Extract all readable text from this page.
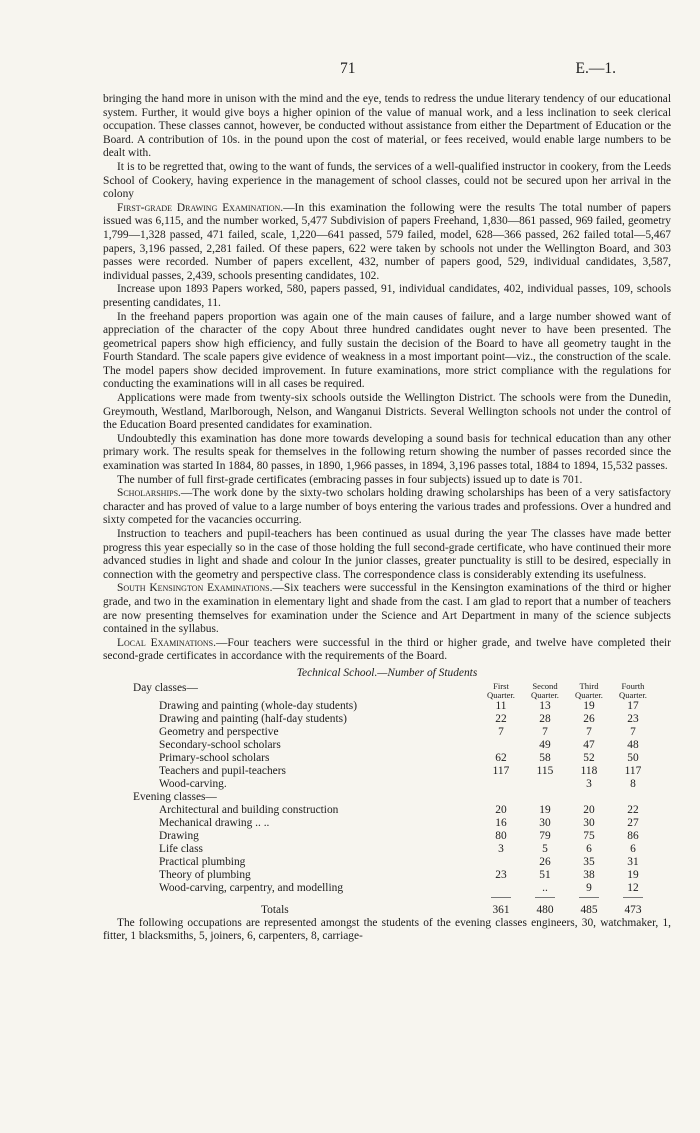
71	E.—1.

bringing the hand more in unison with the mind and the eye, tends to redress the undue literary tendency of our educational system. Further, it would give boys a higher opinion of the value of manual work, and a less inclination to seek clerical occupation. These classes cannot, however, be conducted without assistance from either the Department of Education or the Board. A contribution of 10s. in the pound upon the cost of material, or fees received, would enable large numbers to be dealt with.

It is to be regretted that, owing to the want of funds, the services of a well-qualified instructor in cookery, from the Leeds School of Cookery, having experience in the management of school classes, could not be secured upon her arrival in the colony

First-grade Drawing Examination.—In this examination the following were the results The total number of papers issued was 6,115, and the number worked, 5,477 Subdivision of papers Freehand, 1,830—861 passed, 969 failed, geometry 1,799—1,328 passed, 471 failed, scale, 1,220—641 passed, 579 failed, model, 628—366 passed, 262 failed total—5,467 papers, 3,196 passed, 2,281 failed. Of these papers, 622 were taken by schools not under the Wellington Board, and 303 passes were recorded. Number of papers excellent, 432, number of papers good, 529, individual candidates, 3,587, individual passes, 2,439, schools presenting candidates, 102.

Increase upon 1893 Papers worked, 580, papers passed, 91, individual candidates, 402, individual passes, 109, schools presenting candidates, 11.

In the freehand papers proportion was again one of the main causes of failure, and a large number showed want of appreciation of the character of the copy About three hundred candidates ought never to have been presented. The geometrical papers show high efficiency, and fully sustain the decision of the Board to have all geometry taught in the Fourth Standard. The scale papers give evidence of weakness in a most important point—viz., the construction of the scale. The model papers show decided improvement. In future examinations, more strict compliance with the regulations for conducting the examinations will in all cases be required.

Applications were made from twenty-six schools outside the Wellington District. The schools were from the Dunedin, Greymouth, Westland, Marlborough, Nelson, and Wanganui Districts. Several Wellington schools not under the control of the Education Board presented candidates for examination.

Undoubtedly this examination has done more towards developing a sound basis for technical education than any other primary work. The results speak for themselves in the following return showing the number of passes recorded since the examination was started In 1884, 80 passes, in 1890, 1,966 passes, in 1894, 3,196 passes total, 1884 to 1894, 15,532 passes.

The number of full first-grade certificates (embracing passes in four subjects) issued up to date is 701.

Scholarships.—The work done by the sixty-two scholars holding drawing scholarships has been of a very satisfactory character and has proved of value to a large number of boys entering the various trades and professions. Over a hundred and sixty competed for the vacancies occurring.

Instruction to teachers and pupil-teachers has been continued as usual during the year The classes have made better progress this year especially so in the case of those holding the full second-grade certificate, who have continued their more advanced studies in light and shade and colour In the junior classes, greater punctuality is still to be desired, especially in connection with the geometry and perspective class. The correspondence class is considerably extending its usefulness.

South Kensington Examinations.—Six teachers were successful in the Kensington examinations of the third or higher grade, and two in the examination in elementary light and shade from the cast. I am glad to report that a number of teachers are now presenting themselves for examination under the Science and Art Department in many of the science subjects contained in the syllabus.

Local Examinations.—Four teachers were successful in the third or higher grade, and twelve have completed their second-grade certificates in accordance with the requirements of the Board.

Technical School.—Number of Students
Day classes—	First Quarter.	Second Quarter.	Third Quarter.	Fourth Quarter.
Drawing and painting (whole-day students)	11	13	19	17
Drawing and painting (half-day students)	22	28	26	23
Geometry and perspective	7	7	7	7
Secondary-school scholars		49	47	48
Primary-school scholars	62	58	52	50
Teachers and pupil-teachers	117	115	118	117
Wood-carving.			3	8
Evening classes—				
Architectural and building construction	20	19	20	22
Mechanical drawing .. ..	16	30	30	27
Drawing	80	79	75	86
Life class	3	5	6	6
Practical plumbing		26	35	31
Theory of plumbing	23	51	38	19
Wood-carving, carpentry, and modelling		..	9	12

Totals	361	480	485	473

The following occupations are represented amongst the students of the evening classes engineers, 30, watchmaker, 1, fitter, 1 blacksmiths, 5, joiners, 6, carpenters, 8, carriage-
